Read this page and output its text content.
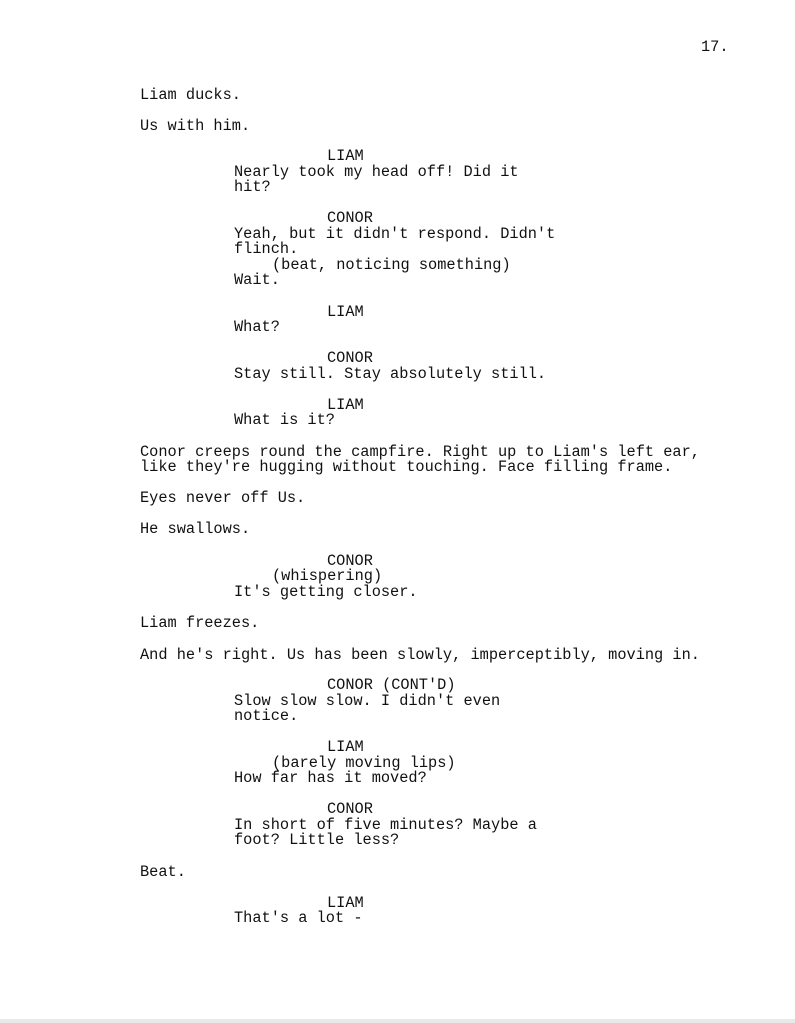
17.
Liam ducks.
Us with him.
LIAM
Nearly took my head off! Did it
hit?
CONOR
Yeah, but it didn't respond. Didn't
flinch.
(beat, noticing something)
Wait.
LIAM
What?
CONOR
Stay still. Stay absolutely still.
LIAM
What is it?
Conor creeps round the campfire. Right up to Liam's left ear,
like they're hugging without touching. Face filling frame.
Eyes never off Us.
He swallows.
CONOR
(whispering)
It's getting closer.
Liam freezes.
And he's right. Us has been slowly, imperceptibly, moving in.
CONOR (CONT'D)
Slow slow slow. I didn't even
notice.
LIAM
(barely moving lips)
How far has it moved?
CONOR
In short of five minutes? Maybe a
foot? Little less?
Beat.
LIAM
That's a lot -
